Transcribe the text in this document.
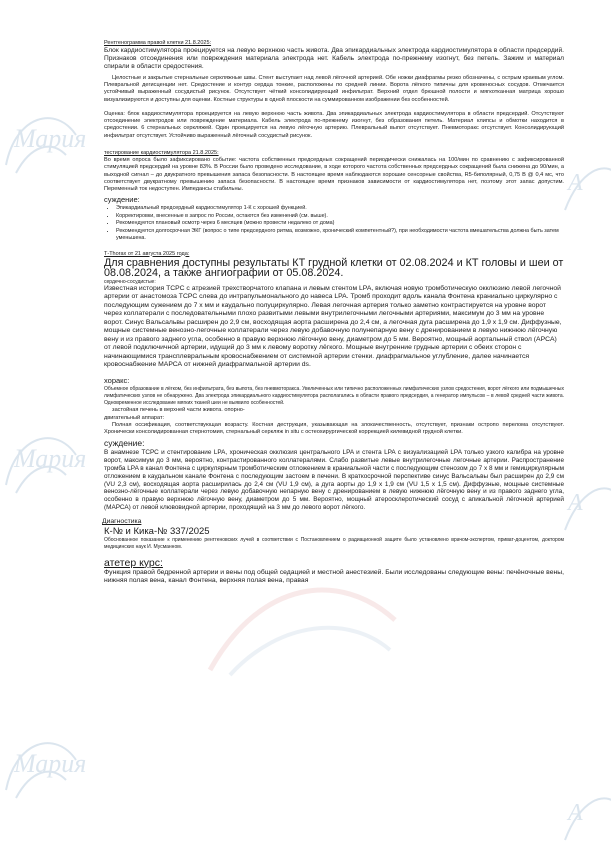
Мария
Мария
Мария
А
А
А

Рентгенограмма правой клетки 21.8.2025:

Блок кардиостимулятора проецируется на левую верхнюю часть живота. Два эпикардиальных электрода кардиостимулятора в области предсердий. Признаков отсоединения или повреждения материала электрода нет. Кабель электрода по-прежнему изогнут, без петель. Зажим и материал спирали в области средостения.

Целостные и закрытые стернальные серкляжные швы. Стент выступает над левой лёгочной артерией. Обе ножки диафрагмы резко обозначены, с острым краевым углом. Плевральной дегисценции нет. Средостение и контур сердца тонкие, расположены по средней линии. Ворота лёгкого типичны для кровеносных сосудов. Отмечается устойчивый выраженный сосудистый рисунок. Отсутствует чёткий консолидирующий инфильтрат. Верхний отдел брюшной полости и мягкотканная матрица хорошо визуализируются и доступны для оценки. Костные структуры в одной плоскости на суммированном изображении без особенностей.

Оценка: блок кардиостимулятора проецируется на левую верхнюю часть живота. Два эпикардиальных электрода кардиостимулятора в области предсердий. Отсутствуют отсоединение электродов или повреждение материала. Кабель электрода по-прежнему изогнут, без образования петель. Материал клипсы и обмотки находится в средостении. 6 стернальных серкляжей. Один проецируется на левую лёгочную артерию. Плевральный выпот отсутствует. Пневмоторакс отсутствует. Консолидирующий инфильтрат отсутствует. Устойчиво выраженный лёгочный сосудистый рисунок.

тестирование кардиостимулятора 21.8.2025:

Во время опроса было зафиксировано событие: частота собственных предсердных сокращений периодически снижалась на 100/мин по сравнению с зафиксированной стимуляцией предсердий на уровне 83%. В России было проведено исследование, в ходе которого частота собственных предсердных сокращений была снижена до 90/мин, а выходной сигнал – до двукратного превышения запаса безопасности. В настоящее время наблюдаются хорошие сенсорные свойства, R5-биполярный, 0,75 В @ 0,4 мс, что соответствует двукратному превышению запаса безопасности. В настоящее время признаков зависимости от кардиостимулятора нет, поэтому этот запас допустим. Переменный ток недоступен. Импедансы стабильны.

суждение:

• Эпикардиальный предсердный кардиостимулятор 1-К с хорошей функцией.
• Корректировки, внесенные в запрос по России, остаются без изменений (см. выше).
• Рекомендуется плановый осмотр через 6 месяцев (можно провести недалеко от дома)
• Рекомендуется долгосрочная ЭКГ (вопрос о типе предсердного ритма, возможно, хронический компетентный?), при необходимости частота вмешательства должна быть затем уменьшена.

Т-Thorax от 21 августа 2025 года:

Для сравнения доступны результаты КТ грудной клетки от 02.08.2024 и КТ головы и шеи от 08.08.2024, а также ангиографии от 05.08.2024.

сердечно-сосудистые:

Известная история ТСРС с атрезией трехстворчатого клапана и левым стентом LPA, включая новую тромботическую окклюзию левой легочной артерии от анастомоза ТСРС слева до интрапульмонального до навеса LPA. Тромб проходит вдоль канала Фонтена краниально циркулярно с последующим сужением до 7 х мм и каудально полуциркулярно. Левая легочная артерия только заметно контрастируется на уровне ворот через коллатерали с последовательными плохо развитыми левыми внутрилегочными легочными артериями, максимум до 3 мм на уровне ворот. Синус Вальсальвы расширен до 2,9 см, восходящая аорта расширена до 2,4 см, а легочная дуга расширена до 1,9 х 1,9 см. Диффузные, мощные системные венозно-легочные коллатерали через левую добавочную полунепарную вену с дренированием в левую нижнюю лёгочную вену и из правого заднего угла, особенно в правую верхнюю лёгочную вену, диаметром до 5 мм. Вероятно, мощный аортальный ствол (APCA) от левой подключичной артерии, идущий до 3 мм к левому воротку лёгкого. Мощные внутренние грудные артерии с обеих сторон с начинающимися трансплевральным кровоснабжением от системной артерии стенки. диафрагмальное углубление, далее начинается кровоснабжение МАРСА от нижней диафрагмальной артерии ds.

хоракс:

Объемное образование в лёгком, без инфильтрата, без выпота, без пневмоторакса. Увеличенных или типично расположенных лимфатических узлов средостения, ворот лёгкого или подмышечных лимфатических узлов не обнаружено. Два электрода эпикардиального кардиостимулятора располагались в области правого предсердия, а генератор импульсов – в левой средней части живота. Одновременное исследование мягких тканей шеи не выявило особенностей.

застойная печень в верхней части живота. опорно-

двигательный аппарат:

Полная оссификация, соответствующая возрасту. Костная деструкция, указывающая на злокачественность, отсутствует, признаки остропо перелома отсутствуют. Хронически консолидированная стернотомия, стернальный серкляж in situ с остеохирургической коррекцией килевидной грудной клетки.

суждение:

В анамнезе ТСРС и стентирование LPA, хроническая окклюзия центрального LPA и стента LPA с визуализацией LPA только узкого калибра на уровне ворот, максимум до 3 мм, вероятно, контрастированного коллатералями. Слабо развитые левые внутрилегочные легочные артерии. Распространение тромба LPA в канал Фонтена с циркулярным тромботическим отложением в краниальной части с последующим стенозом до 7 х 8 мм и гемициркулярным отложением в каудальном канале Фонтена с последующим застоем в печени. В краткосрочной перспективе синус Вальсальвы был расширен до 2,9 см (VU 2,3 см), восходящая аорта расширилась до 2,4 см (VU 1,9 см), а дуга аорты до 1,9 х 1,9 см (VU 1,5 х 1,5 см). Диффузные, мощные системные венозно-лёгочные коллатерали через левую добавочную непарную вену с дренированием в левую нижнюю лёгочную вену и из правого заднего угла, особенно в правую верхнюю лёгочную вену, диаметром до 5 мм. Вероятно, мощный атеросклеротический сосуд с апикальной лёгочной артерией (МАРСА) от левой клювовидной артерии, проходящий на 3 мм до левого ворот лёгкого.

Диагностика

К-№ и Кика-№ 337/2025

Обоснованное показание к применению рентгеновских лучей в соответствии с Постановлением о радиационной защите было установлено врачом-экспертом, приват-доцентом, доктором медицинских наук И. Мусманном.

атетер курс:

Функция правой бедренной артерии и вены под общей седацией и местной анестезией. Были исследованы следующие вены: печёночные вены, нижняя полая вена, канал Фонтена, верхняя полая вена, правая
